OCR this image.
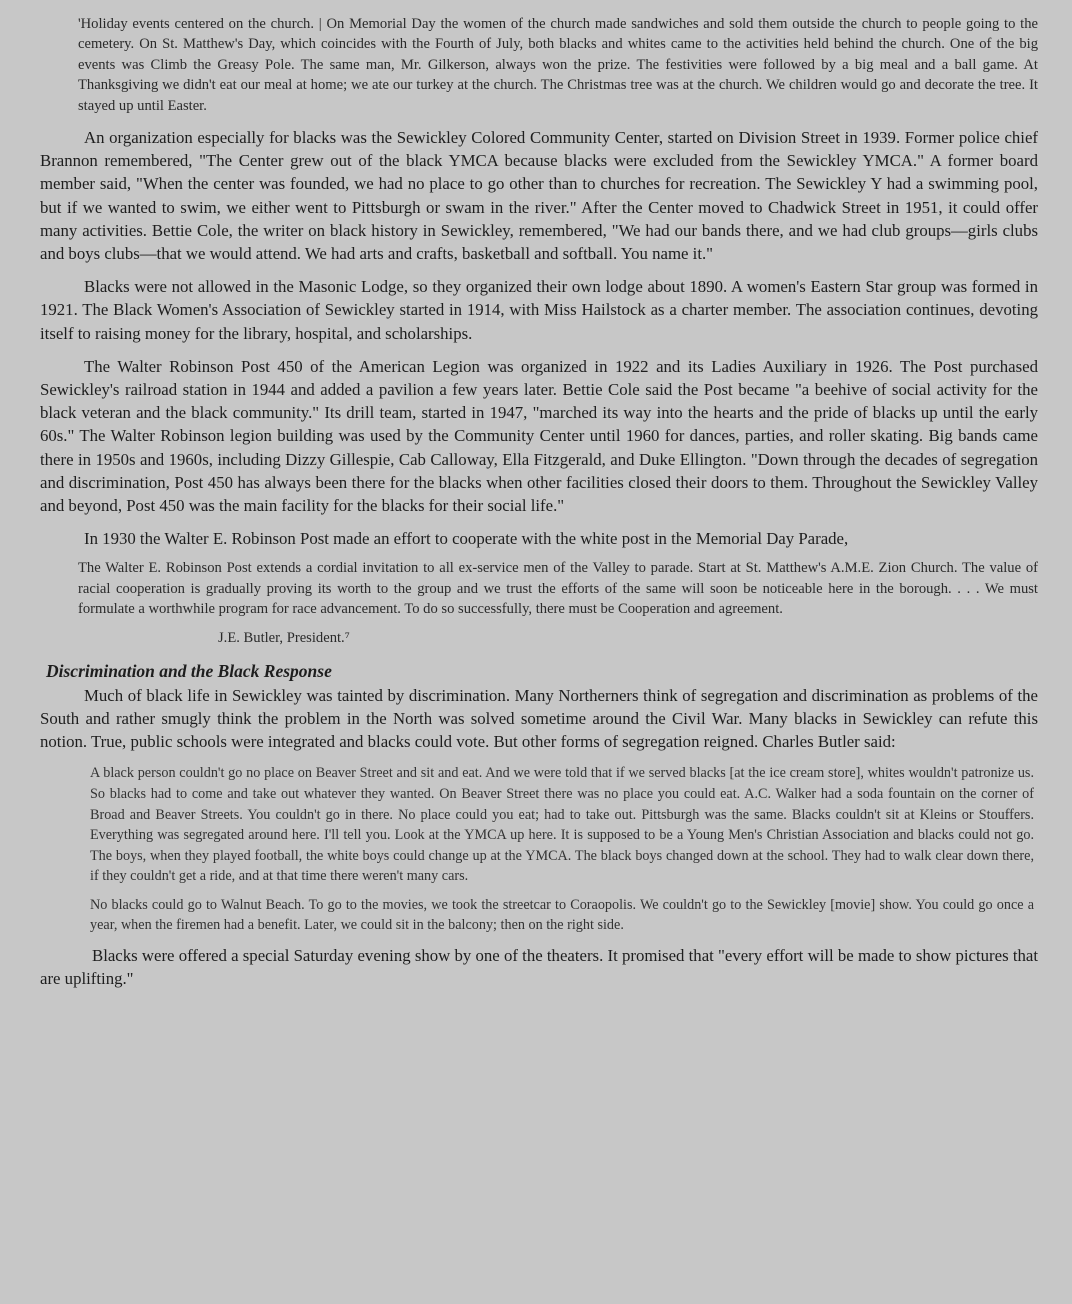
'Holiday events centered on the church. | On Memorial Day the women of the church made sandwiches and sold them outside the church to people going to the cemetery. On St. Matthew's Day, which coincides with the Fourth of July, both blacks and whites came to the activities held behind the church. One of the big events was Climb the Greasy Pole. The same man, Mr. Gilkerson, always won the prize. The festivities were followed by a big meal and a ball game. At Thanksgiving we didn't eat our meal at home; we ate our turkey at the church. The Christmas tree was at the church. We children would go and decorate the tree. It stayed up until Easter.

An organization especially for blacks was the Sewickley Colored Community Center, started on Division Street in 1939. Former police chief Brannon remembered, "The Center grew out of the black YMCA because blacks were excluded from the Sewickley YMCA." A former board member said, "When the center was founded, we had no place to go other than to churches for recreation. The Sewickley Y had a swimming pool, but if we wanted to swim, we either went to Pittsburgh or swam in the river." After the Center moved to Chadwick Street in 1951, it could offer many activities. Bettie Cole, the writer on black history in Sewickley, remembered, "We had our bands there, and we had club groups—girls clubs and boys clubs—that we would attend. We had arts and crafts, basketball and softball. You name it."

Blacks were not allowed in the Masonic Lodge, so they organized their own lodge about 1890. A women's Eastern Star group was formed in 1921. The Black Women's Association of Sewickley started in 1914, with Miss Hailstock as a charter member. The association continues, devoting itself to raising money for the library, hospital, and scholarships.

The Walter Robinson Post 450 of the American Legion was organized in 1922 and its Ladies Auxiliary in 1926. The Post purchased Sewickley's railroad station in 1944 and added a pavilion a few years later. Bettie Cole said the Post became "a beehive of social activity for the black veteran and the black community." Its drill team, started in 1947, "marched its way into the hearts and the pride of blacks up until the early 60s." The Walter Robinson legion building was used by the Community Center until 1960 for dances, parties, and roller skating. Big bands came there in 1950s and 1960s, including Dizzy Gillespie, Cab Calloway, Ella Fitzgerald, and Duke Ellington. "Down through the decades of segregation and discrimination, Post 450 has always been there for the blacks when other facilities closed their doors to them. Throughout the Sewickley Valley and beyond, Post 450 was the main facility for the blacks for their social life."

In 1930 the Walter E. Robinson Post made an effort to cooperate with the white post in the Memorial Day Parade,

The Walter E. Robinson Post extends a cordial invitation to all ex-service men of the Valley to parade. Start at St. Matthew's A.M.E. Zion Church. The value of racial cooperation is gradually proving its worth to the group and we trust the efforts of the same will soon be noticeable here in the borough. . . . We must formulate a worthwhile program for race advancement. To do so successfully, there must be Cooperation and agreement.

J.E. Butler, President.⁷

Discrimination and the Black Response

Much of black life in Sewickley was tainted by discrimination. Many Northerners think of segregation and discrimination as problems of the South and rather smugly think the problem in the North was solved sometime around the Civil War. Many blacks in Sewickley can refute this notion. True, public schools were integrated and blacks could vote. But other forms of segregation reigned. Charles Butler said:

A black person couldn't go no place on Beaver Street and sit and eat. And we were told that if we served blacks [at the ice cream store], whites wouldn't patronize us. So blacks had to come and take out whatever they wanted. On Beaver Street there was no place you could eat. A.C. Walker had a soda fountain on the corner of Broad and Beaver Streets. You couldn't go in there. No place could you eat; had to take out. Pittsburgh was the same. Blacks couldn't sit at Kleins or Stouffers. Everything was segregated around here. I'll tell you. Look at the YMCA up here. It is supposed to be a Young Men's Christian Association and blacks could not go. The boys, when they played football, the white boys could change up at the YMCA. The black boys changed down at the school. They had to walk clear down there, if they couldn't get a ride, and at that time there weren't many cars.

No blacks could go to Walnut Beach. To go to the movies, we took the streetcar to Coraopolis. We couldn't go to the Sewickley [movie] show. You could go once a year, when the firemen had a benefit. Later, we could sit in the balcony; then on the right side.

Blacks were offered a special Saturday evening show by one of the theaters. It promised that "every effort will be made to show pictures that are uplifting."
